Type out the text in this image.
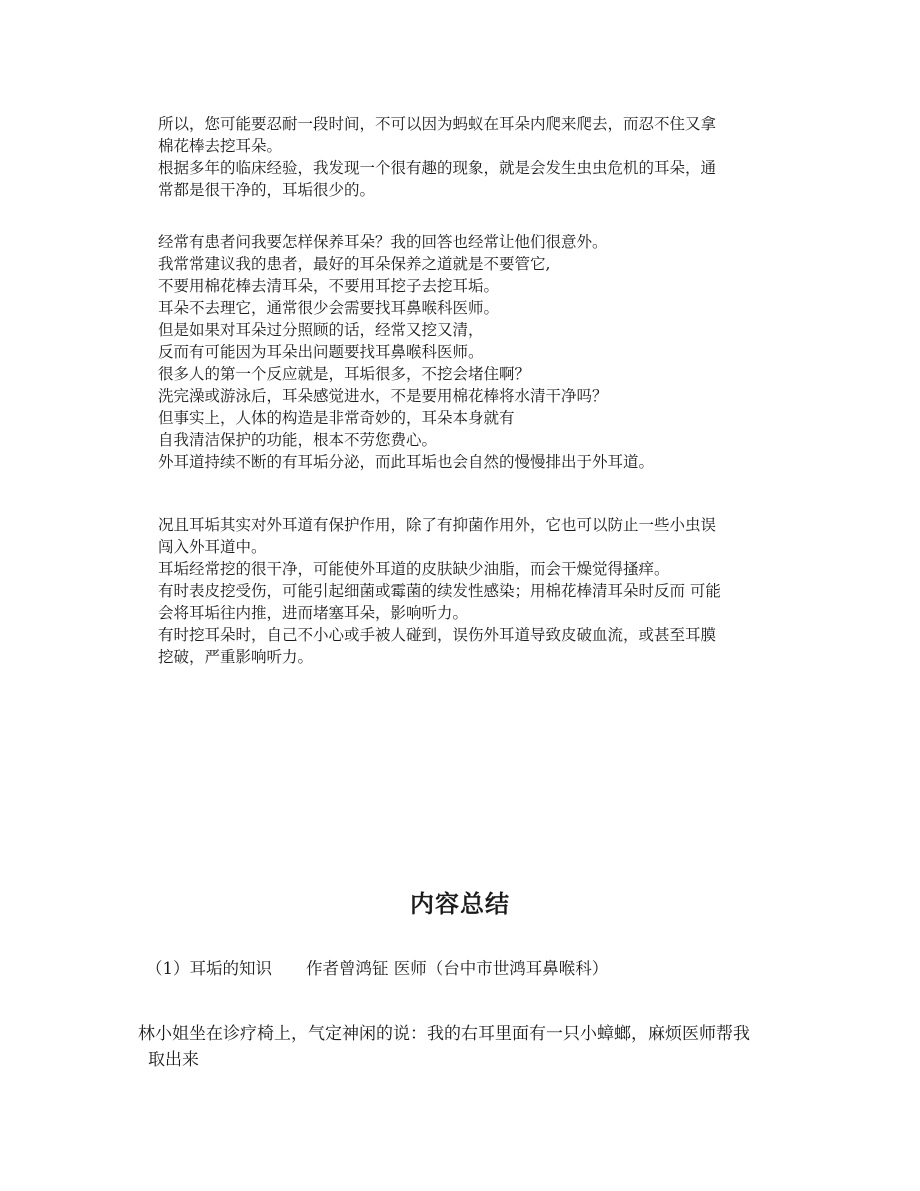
所以，您可能要忍耐一段时间，不可以因为蚂蚁在耳朵内爬来爬去，而忍不住又拿
棉花棒去挖耳朵。
根据多年的临床经验，我发现一个很有趣的现象，就是会发生虫虫危机的耳朵，通
常都是很干净的，耳垢很少的。
经常有患者问我要怎样保养耳朵？我的回答也经常让他们很意外。
我常常建议我的患者，最好的耳朵保养之道就是不要管它,
不要用棉花棒去清耳朵，不要用耳挖子去挖耳垢。
耳朵不去理它，通常很少会需要找耳鼻喉科医师。
但是如果对耳朵过分照顾的话，经常又挖又清，
反而有可能因为耳朵出问题要找耳鼻喉科医师。
很多人的第一个反应就是，耳垢很多，不挖会堵住啊？
洗完澡或游泳后，耳朵感觉进水，不是要用棉花棒将水清干净吗？
但事实上，人体的构造是非常奇妙的，耳朵本身就有
自我清洁保护的功能，根本不劳您费心。
外耳道持续不断的有耳垢分泌，而此耳垢也会自然的慢慢排出于外耳道。
况且耳垢其实对外耳道有保护作用，除了有抑菌作用外，它也可以防止一些小虫误
闯入外耳道中。
耳垢经常挖的很干净，可能使外耳道的皮肤缺少油脂，而会干燥觉得搔痒。
有时表皮挖受伤，可能引起细菌或霉菌的续发性感染；用棉花棒清耳朵时反而 可能
会将耳垢往内推，进而堵塞耳朵，影响听力。
有时挖耳朵时，自己不小心或手被人碰到，误伤外耳道导致皮破血流，或甚至耳膜
挖破，严重影响听力。
内容总结
（1）耳垢的知识 作者曾鸿钲 医师（台中市世鸿耳鼻喉科）
林小姐坐在诊疗椅上，气定神闲的说：我的右耳里面有一只小蟑螂，麻烦医师帮我
取出来
